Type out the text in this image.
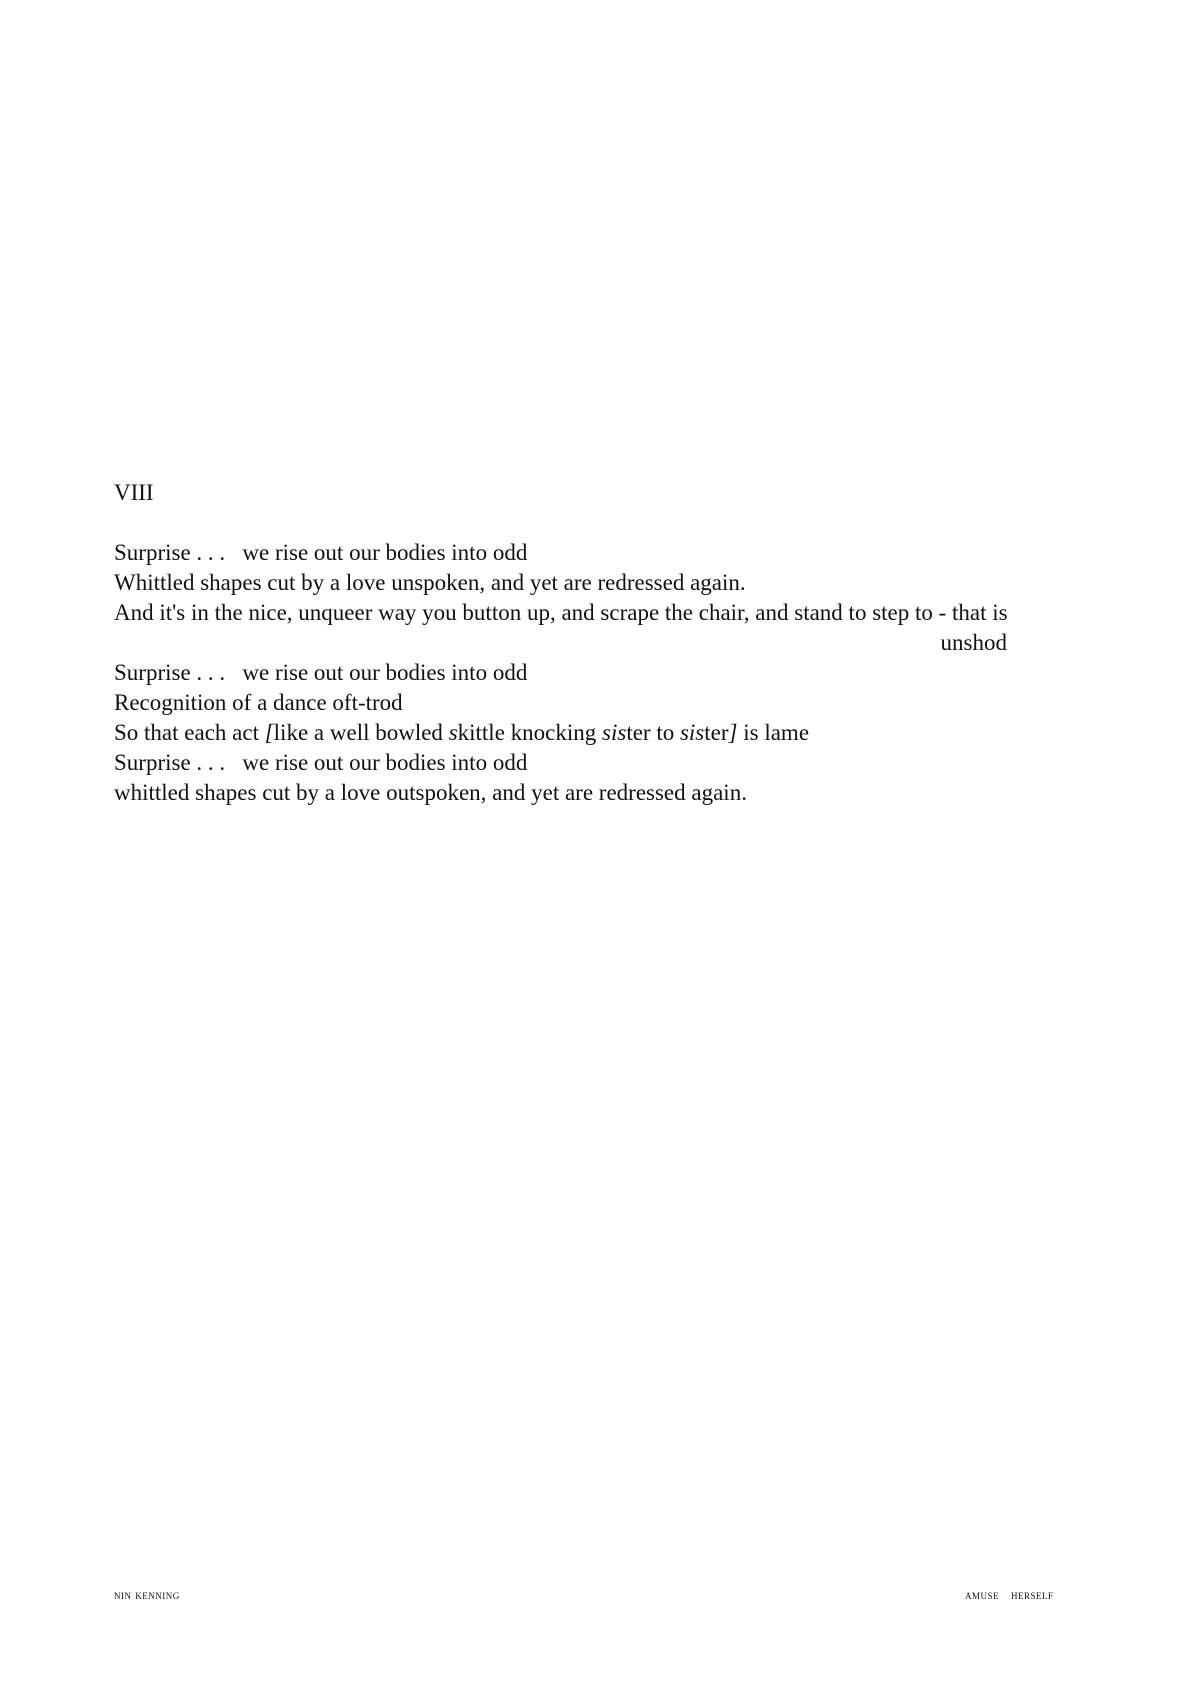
VIII
Surprise . . .   we rise out our bodies into odd
Whittled shapes cut by a love unspoken, and yet are redressed again.
And it's in the nice, unqueer way you button up, and scrape the chair, and stand to step to - that is
unshod
Surprise . . .   we rise out our bodies into odd
Recognition of a dance oft-trod
So that each act [like a well bowled skittle knocking sister to sister] is lame
Surprise . . .   we rise out our bodies into odd
whittled shapes cut by a love outspoken, and yet are redressed again.
nin kenning	amuse herself
